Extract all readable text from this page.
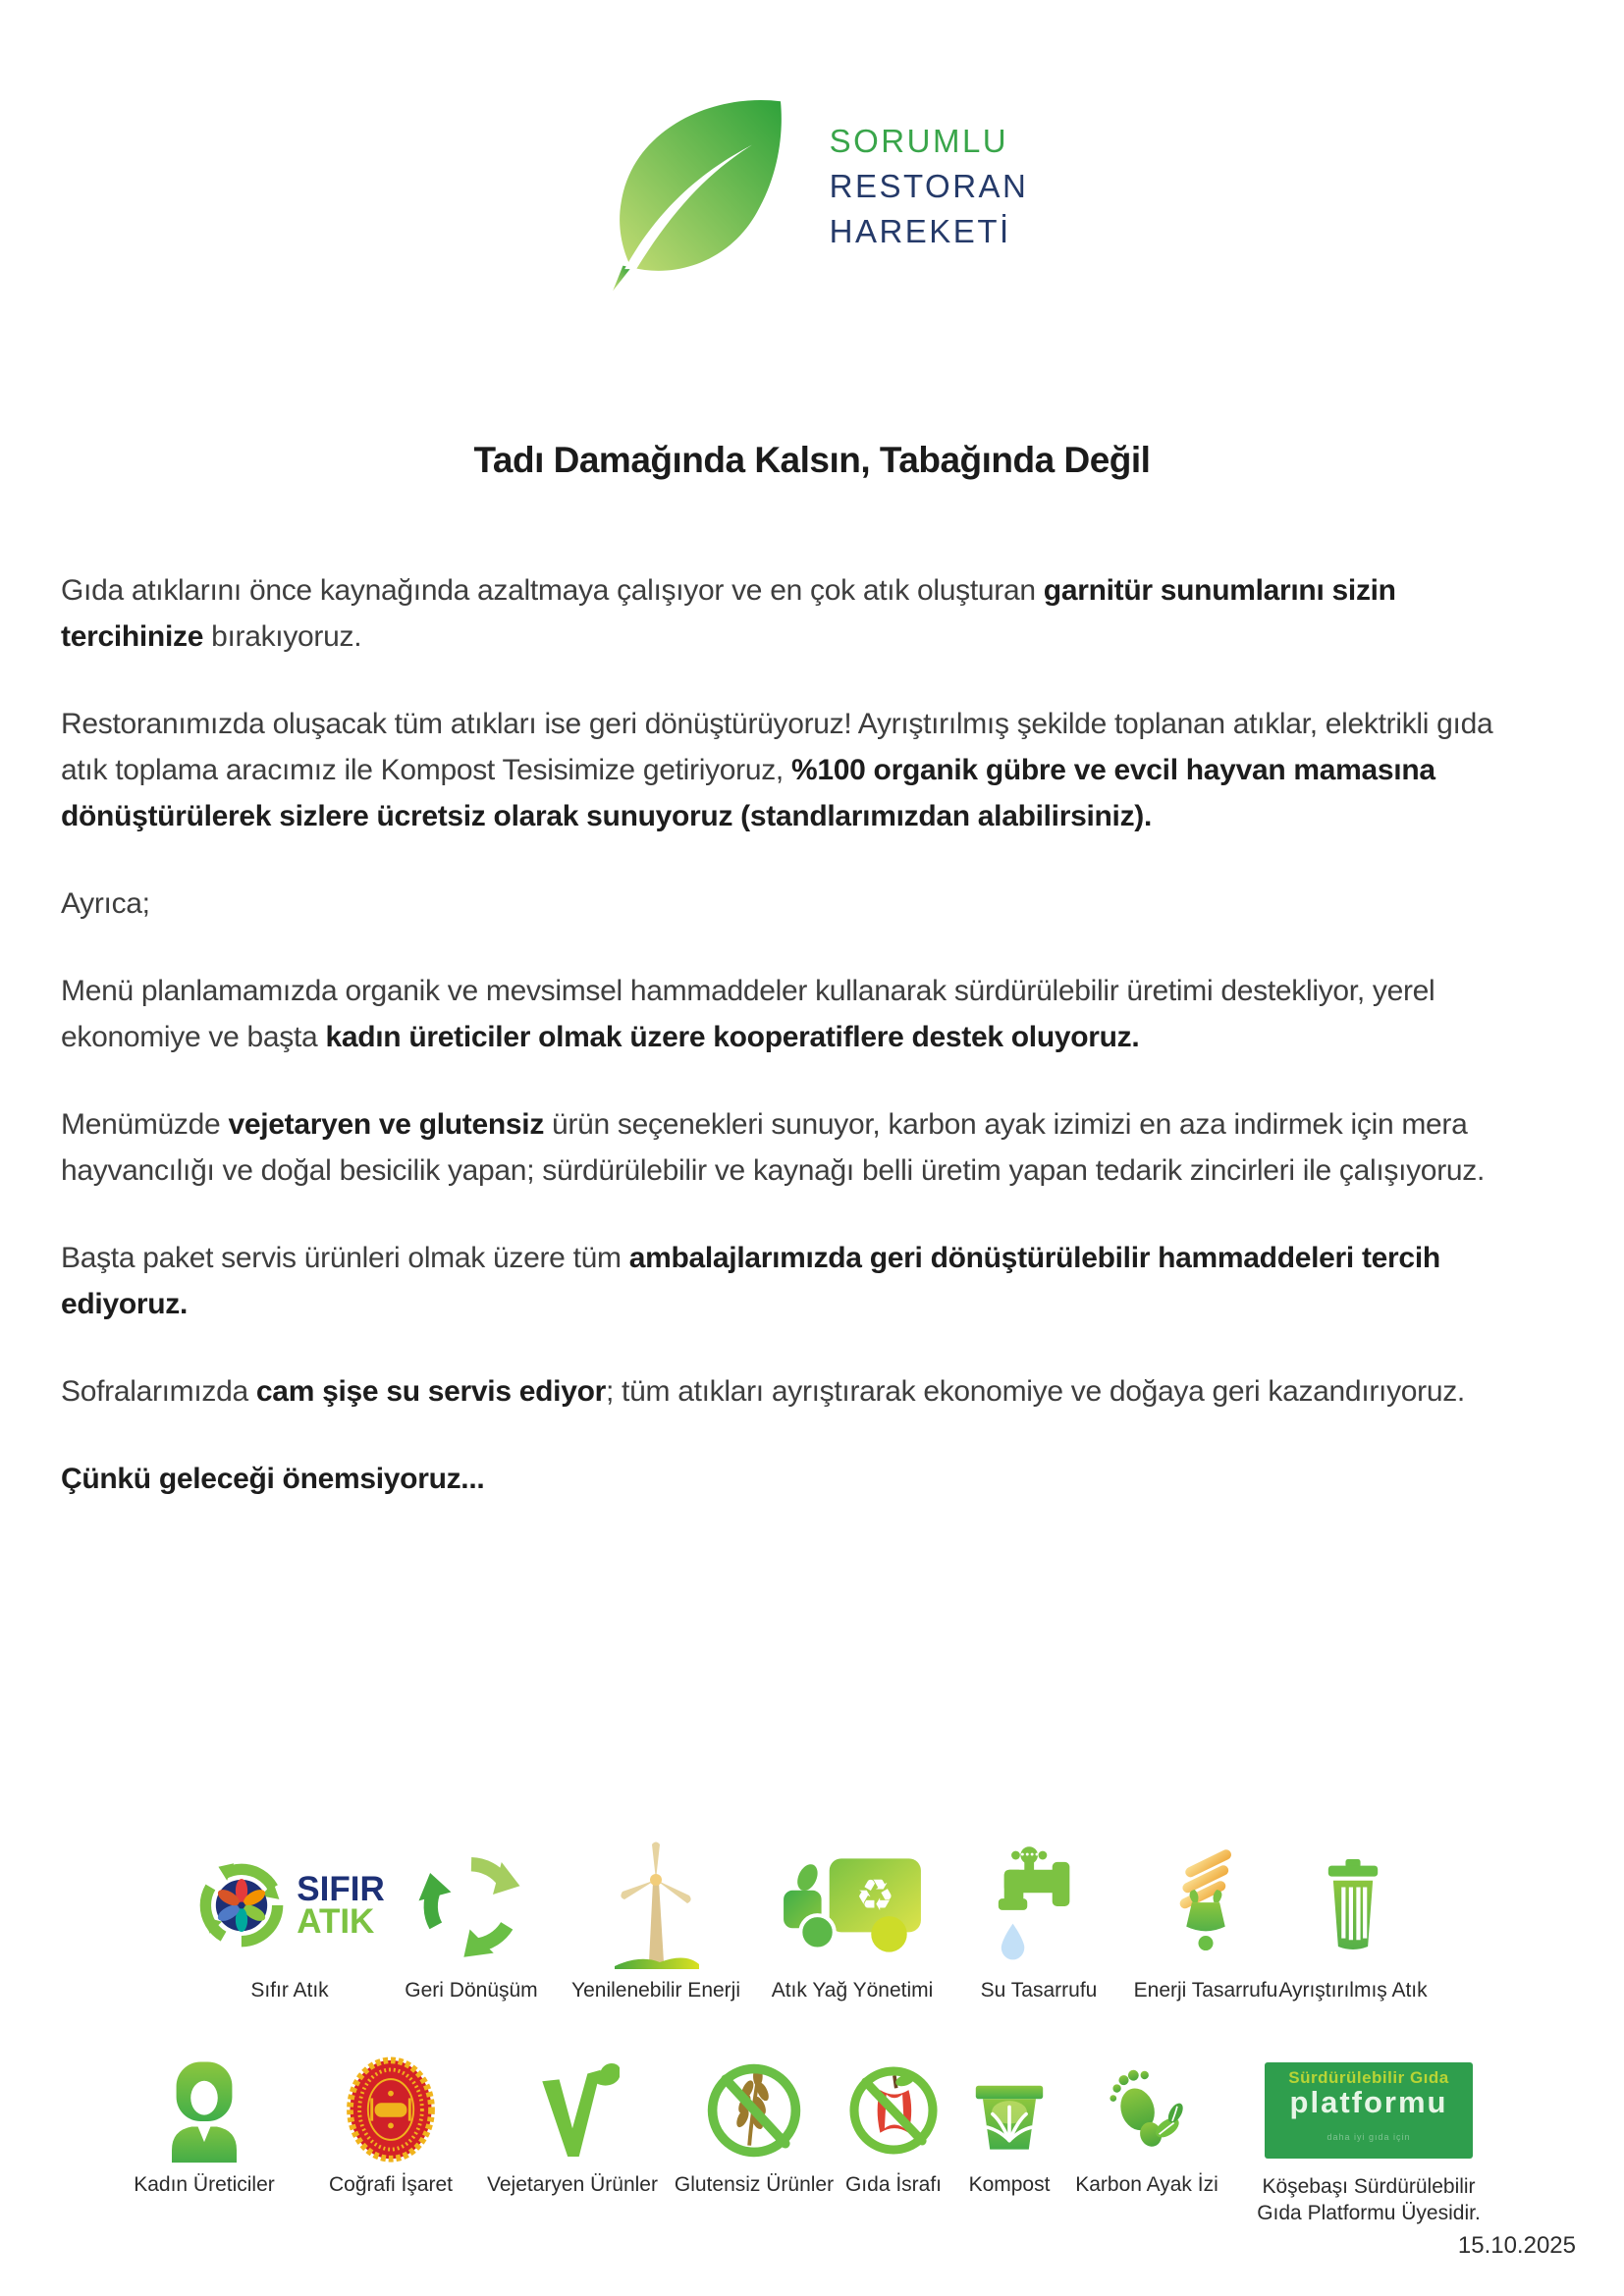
SORUMLU
RESTORAN
HAREKETİ
Tadı Damağında Kalsın, Tabağında Değil

Gıda atıklarını önce kaynağında azaltmaya çalışıyor ve en çok atık oluşturan garnitür sunumlarını sizin tercihinize bırakıyoruz.

Restoranımızda oluşacak tüm atıkları ise geri dönüştürüyoruz! Ayrıştırılmış şekilde toplanan atıklar, elektrikli gıda atık toplama aracımız ile Kompost Tesisimize getiriyoruz, %100 organik gübre ve evcil hayvan mamasına dönüştürülerek sizlere ücretsiz olarak sunuyoruz (standlarımızdan alabilirsiniz).

Ayrıca;

Menü planlamamızda organik ve mevsimsel hammaddeler kullanarak sürdürülebilir üretimi destekliyor, yerel ekonomiye ve başta kadın üreticiler olmak üzere kooperatiflere destek oluyoruz.

Menümüzde vejetaryen ve glutensiz ürün seçenekleri sunuyor, karbon ayak izimizi en aza indirmek için mera hayvancılığı ve doğal besicilik yapan; sürdürülebilir ve kaynağı belli üretim yapan tedarik zincirleri ile çalışıyoruz.

Başta paket servis ürünleri olmak üzere tüm ambalajlarımızda geri dönüştürülebilir hammaddeleri tercih ediyoruz.

Sofralarımızda cam şişe su servis ediyor; tüm atıkları ayrıştırarak ekonomiye ve doğaya geri kazandırıyoruz.

Çünkü geleceği önemsiyoruz...

SIFIR
ATIK
Sıfır Atık	Geri Dönüşüm Yenilenebilir Enerji
♻
Atık Yağ Yönetimi Su Tasarrufu Enerji Tasarrufu Ayrıştırılmış Atık
Kadın Üreticiler	Coğrafi İşaret Vejetaryen Ürünler Glutensiz Ürünler Gıda İsrafı Kompost Karbon Ayak İzi
Sürdürülebilir Gıda
platformu
daha iyi gıda için
Köşebaşı Sürdürülebilir
Gıda Platformu Üyesidir.
15.10.2025
